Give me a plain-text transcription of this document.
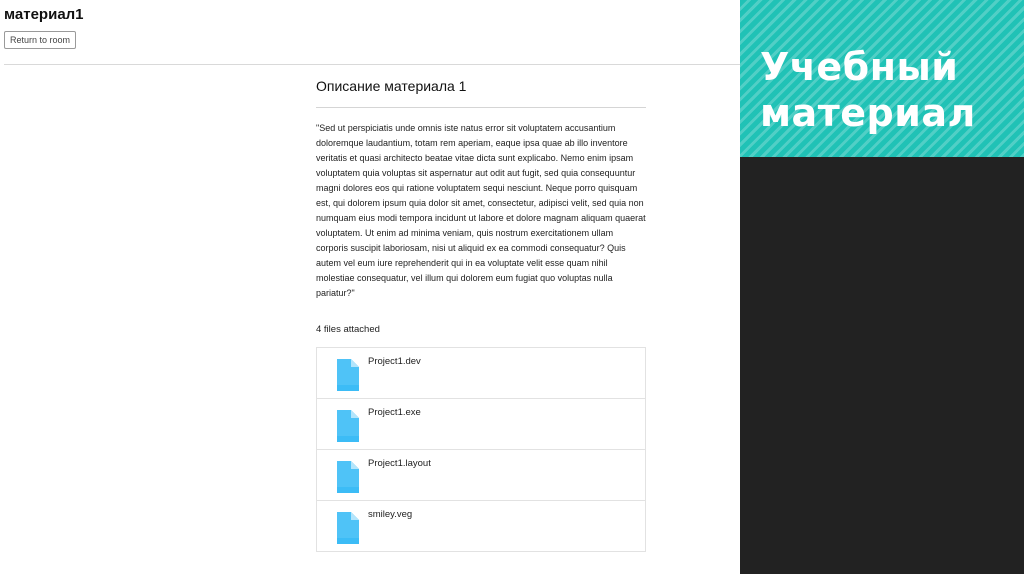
материал1
Return to room
Описание материала 1
"Sed ut perspiciatis unde omnis iste natus error sit voluptatem accusantium doloremque laudantium, totam rem aperiam, eaque ipsa quae ab illo inventore veritatis et quasi architecto beatae vitae dicta sunt explicabo. Nemo enim ipsam voluptatem quia voluptas sit aspernatur aut odit aut fugit, sed quia consequuntur magni dolores eos qui ratione voluptatem sequi nesciunt. Neque porro quisquam est, qui dolorem ipsum quia dolor sit amet, consectetur, adipisci velit, sed quia non numquam eius modi tempora incidunt ut labore et dolore magnam aliquam quaerat voluptatem. Ut enim ad minima veniam, quis nostrum exercitationem ullam corporis suscipit laboriosam, nisi ut aliquid ex ea commodi consequatur? Quis autem vel eum iure reprehenderit qui in ea voluptate velit esse quam nihil molestiae consequatur, vel illum qui dolorem eum fugiat quo voluptas nulla pariatur?"
4 files attached
Project1.dev
Project1.exe
Project1.layout
smiley.veg
Учебный
материал
